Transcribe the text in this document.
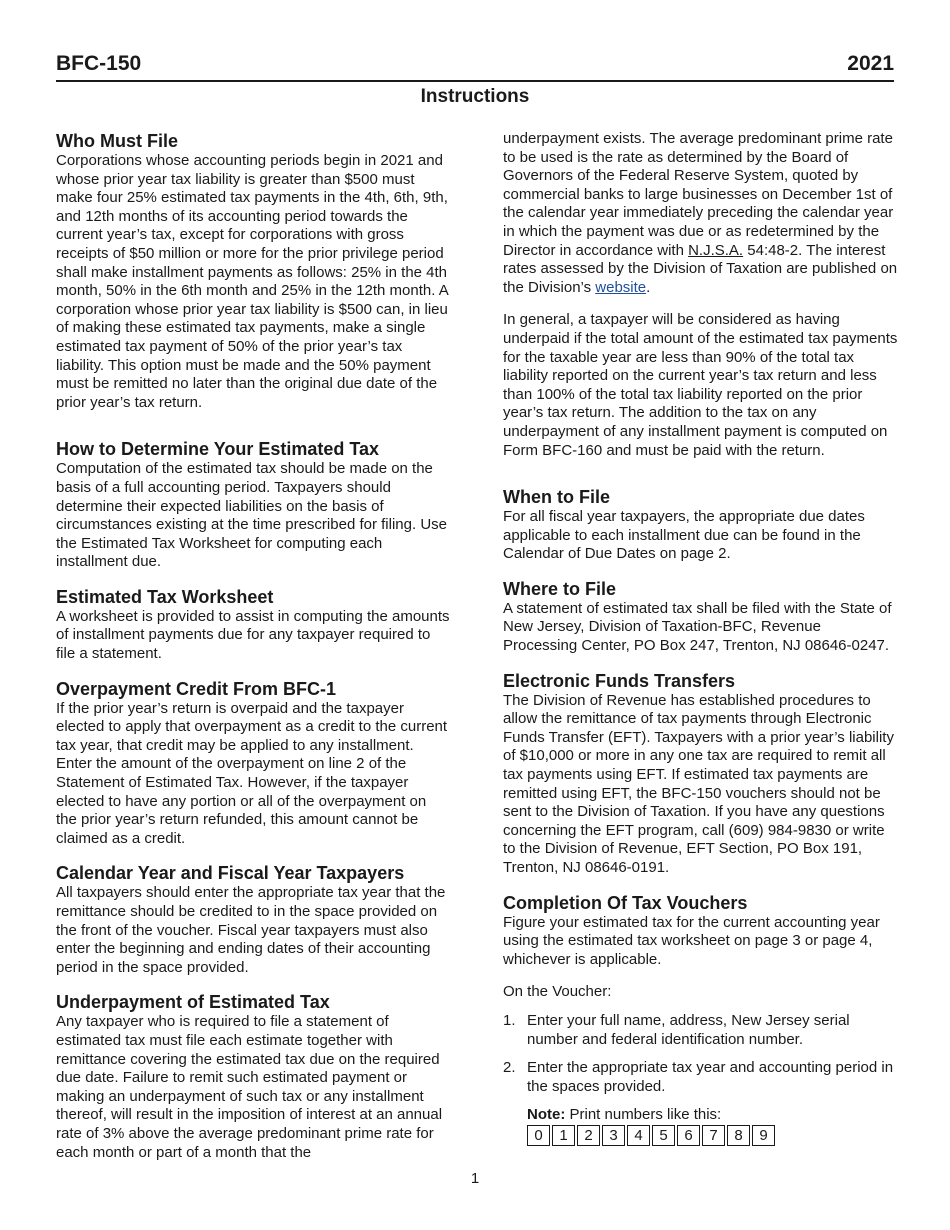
BFC-150	2021
Instructions
Who Must File

Corporations whose accounting periods begin in 2021 and whose prior year tax liability is greater than $500 must make four 25% estimated tax payments in the 4th, 6th, 9th, and 12th months of its accounting period towards the current year’s tax, except for corporations with gross receipts of $50 million or more for the prior privilege period shall make installment payments as follows: 25% in the 4th month, 50% in the 6th month and 25% in the 12th month. A corporation whose prior year tax liability is $500 can, in lieu of making these estimated tax payments, make a single estimated tax payment of 50% of the prior year’s tax liability. This option must be made and the 50% payment must be remitted no later than the original due date of the prior year’s tax return.

How to Determine Your Estimated Tax

Computation of the estimated tax should be made on the basis of a full accounting period. Taxpayers should determine their expected liabilities on the basis of circumstances existing at the time prescribed for filing. Use the Estimated Tax Worksheet for computing each installment due.

Estimated Tax Worksheet

A worksheet is provided to assist in computing the amounts of installment payments due for any taxpayer required to file a statement.

Overpayment Credit From BFC-1

If the prior year’s return is overpaid and the taxpayer elected to apply that overpayment as a credit to the current tax year, that credit may be applied to any installment. Enter the amount of the overpayment on line 2 of the Statement of Estimated Tax. However, if the taxpayer elected to have any portion or all of the overpayment on the prior year’s return refunded, this amount cannot be claimed as a credit.

Calendar Year and Fiscal Year Taxpayers

All taxpayers should enter the appropriate tax year that the remittance should be credited to in the space provided on the front of the voucher. Fiscal year taxpayers must also enter the beginning and ending dates of their accounting period in the space provided.

Underpayment of Estimated Tax

Any taxpayer who is required to file a statement of estimated tax must file each estimate together with remittance covering the estimated tax due on the required due date. Failure to remit such estimated payment or making an underpayment of such tax or any installment thereof, will result in the imposition of interest at an annual rate of 3% above the average predominant prime rate for each month or part of a month that the

underpayment exists. The average predominant prime rate to be used is the rate as determined by the Board of Governors of the Federal Reserve System, quoted by commercial banks to large businesses on December 1st of the calendar year immediately preceding the calendar year in which the payment was due or as redetermined by the Director in accordance with N.J.S.A. 54:48-2. The interest rates assessed by the Division of Taxation are published on the Division’s website.

In general, a taxpayer will be considered as having underpaid if the total amount of the estimated tax payments for the taxable year are less than 90% of the total tax liability reported on the current year’s tax return and less than 100% of the total tax liability reported on the prior year’s tax return. The addition to the tax on any underpayment of any installment payment is computed on Form BFC-160 and must be paid with the return.

When to File

For all fiscal year taxpayers, the appropriate due dates applicable to each installment due can be found in the Calendar of Due Dates on page 2.

Where to File

A statement of estimated tax shall be filed with the State of New Jersey, Division of Taxation-BFC, Revenue Processing Center, PO Box 247, Trenton, NJ 08646-0247.

Electronic Funds Transfers

The Division of Revenue has established procedures to allow the remittance of tax payments through Electronic Funds Transfer (EFT). Taxpayers with a prior year’s liability of $10,000 or more in any one tax are required to remit all tax payments using EFT. If estimated tax payments are remitted using EFT, the BFC-150 vouchers should not be sent to the Division of Taxation. If you have any questions concerning the EFT program, call (609) 984-9830 or write to the Division of Revenue, EFT Section, PO Box 191, Trenton, NJ 08646-0191.

Completion Of Tax Vouchers

Figure your estimated tax for the current accounting year using the estimated tax worksheet on page 3 or page 4, whichever is applicable.

On the Voucher:

1. Enter your full name, address, New Jersey serial number and federal identification number.
2. Enter the appropriate tax year and accounting period in the spaces provided.
Note: Print numbers like this:
0	1	2	3	4	5	6	7	8	9
1
